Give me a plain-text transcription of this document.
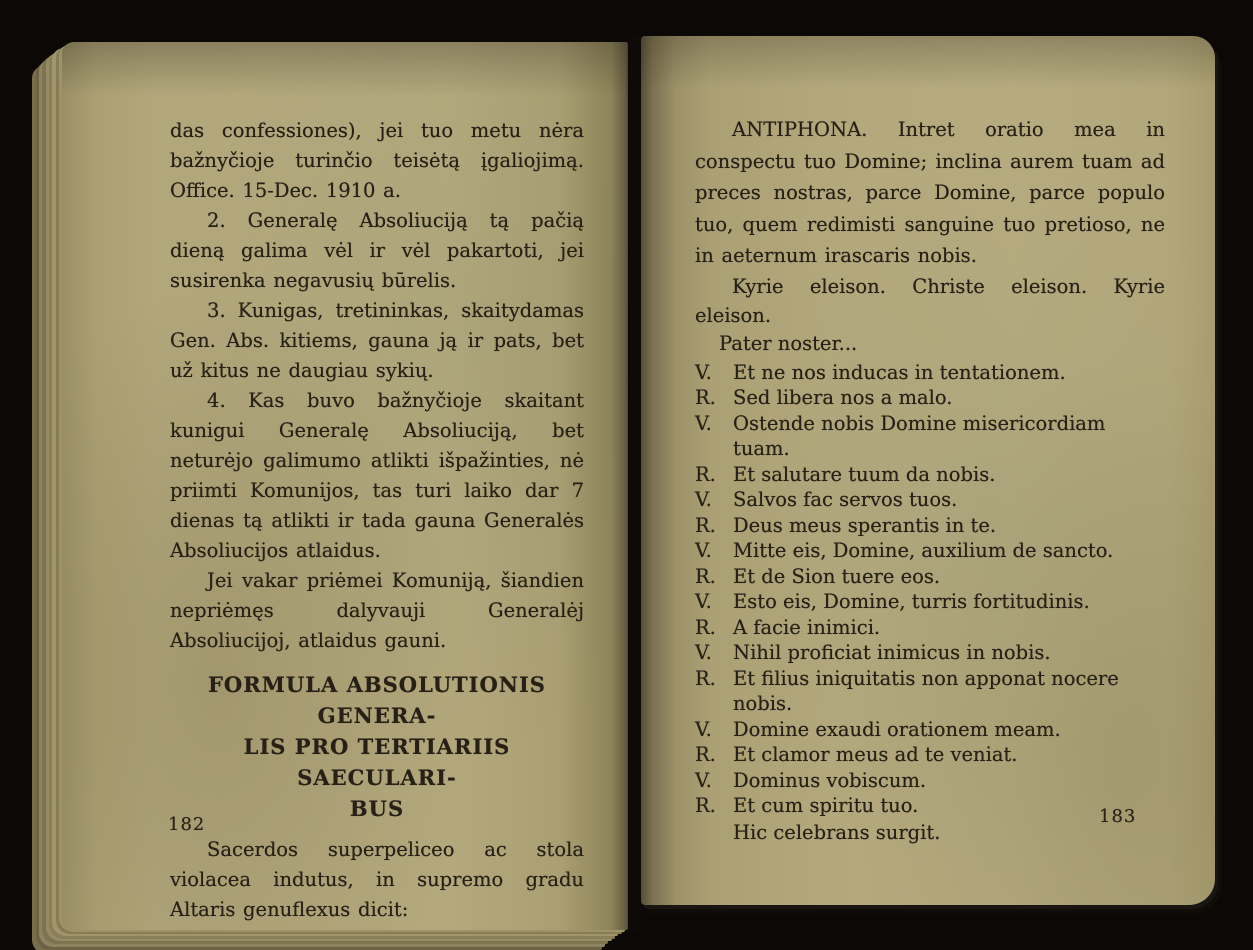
das confessiones), jei tuo metu nėra bažnyčioje turinčio teisėtą įgaliojimą. Office. 15-Dec. 1910 a.

2. Generalę Absoliuciją tą pačią dieną galima vėl ir vėl pakartoti, jei susirenka negavusių būrelis.

3. Kunigas, tretininkas, skaitydamas Gen. Abs. kitiems, gauna ją ir pats, bet už kitus ne daugiau sykių.

4. Kas buvo bažnyčioje skaitant kunigui Generalę Absoliuciją, bet neturėjo galimumo atlikti išpažinties, nė priimti Komunijos, tas turi laiko dar 7 dienas tą atlikti ir tada gauna Generalės Absoliucijos atlaidus.

Jei vakar priėmei Komuniją, šiandien nepriėmęs dalyvauji Generalėj Absoliucijoj, atlaidus gauni.

FORMULA ABSOLUTIONIS GENERA-
LIS PRO TERTIARIIS SAECULARI-
BUS

Sacerdos superpeliceo ac stola violacea indutus, in supremo gradu Altaris genuflexus dicit:

182

ANTIPHONA. Intret oratio mea in conspectu tuo Domine; inclina aurem tuam ad preces nostras, parce Domine, parce populo tuo, quem redimisti sanguine tuo pretioso, ne in aeternum irascaris nobis.

Kyrie eleison. Christe eleison. Kyrie eleison.

Pater noster...

V.	Et ne nos inducas in tentationem.
R. Sed libera nos a malo.
V.	Ostende nobis Domine misericordiam tuam.
R. Et salutare tuum da nobis.
V.	Salvos fac servos tuos.
R. Deus meus sperantis in te.
V.	Mitte eis, Domine, auxilium de sancto.
R. Et de Sion tuere eos.
V.	Esto eis, Domine, turris fortitudinis.
R. A facie inimici.
V.	Nihil proficiat inimicus in nobis.
R. Et filius iniquitatis non apponat nocere nobis.
V.	Domine exaudi orationem meam.
R. Et clamor meus ad te veniat.
V.	Dominus vobiscum.
R. Et cum spiritu tuo.

Hic celebrans surgit.

183
